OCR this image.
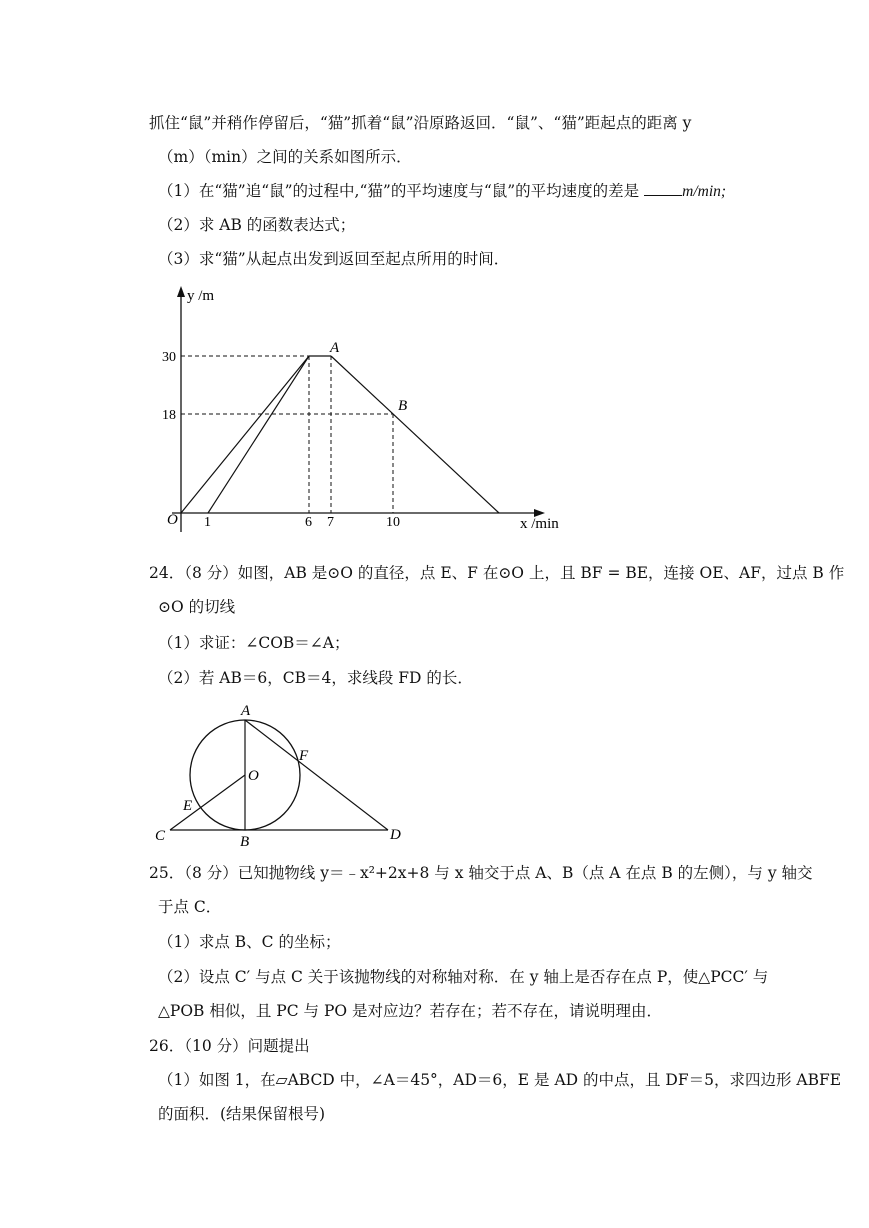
抓住“鼠”并稍作停留后，“猫”抓着“鼠”沿原路返回．“鼠”、“猫”距起点的距离 y
（m）（min）之间的关系如图所示．
（1）在“猫”追“鼠”的过程中,“猫”的平均速度与“鼠”的平均速度的差是	m/min;
（2）求 AB 的函数表达式；
（3）求“猫”从起点出发到返回至起点所用的时间．
y /m
x /min
O
30
18
1	6 7	10
A
B
24．（8 分）如图，AB 是⊙O 的直径，点 E、F 在⊙O 上，且 BF = BE，连接 OE、AF，过点 B 作
⊙O 的切线
（1）求证：∠COB＝∠A；
（2）若 AB＝6，CB＝4，求线段 FD 的长．
A
O
F
E
C	B	D
25．（8 分）已知抛物线 y＝﹣x²+2x+8 与 x 轴交于点 A、B（点 A 在点 B 的左侧），与 y 轴交
于点 C．
（1）求点 B、C 的坐标；
（2）设点 C′ 与点 C 关于该抛物线的对称轴对称．在 y 轴上是否存在点 P，使△PCC′ 与
△POB 相似，且 PC 与 PO 是对应边？若存在；若不存在，请说明理由．
26．（10 分）问题提出
（1）如图 1，在▱ABCD 中，∠A＝45°，AD＝6，E 是 AD 的中点，且 DF＝5，求四边形 ABFE
的面积．(结果保留根号)
